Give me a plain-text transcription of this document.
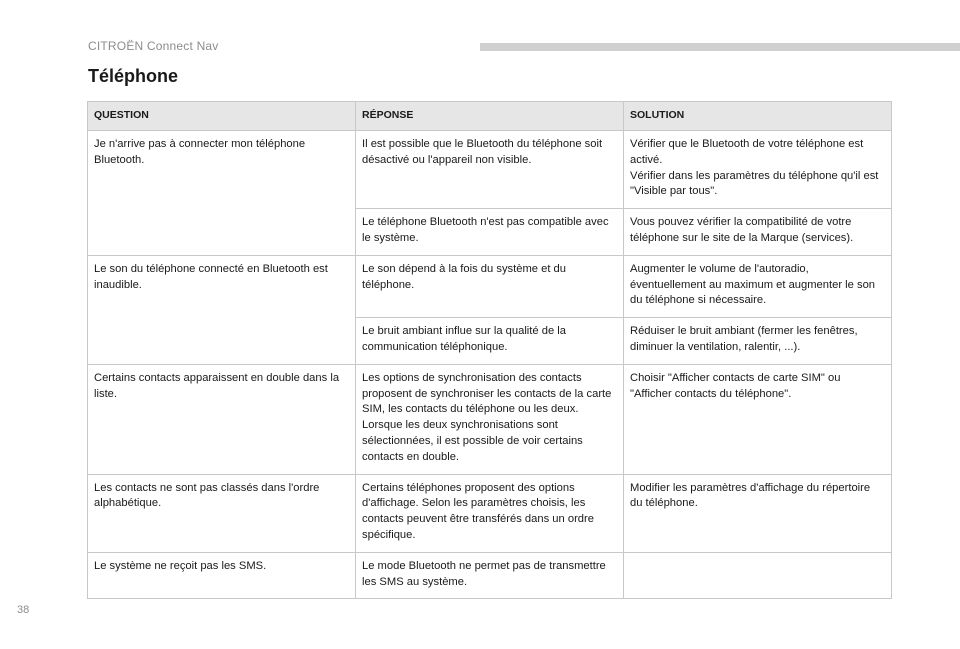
CITROËN Connect Nav
Téléphone
QUESTION	RÉPONSE	SOLUTION
Je n'arrive pas à connecter mon téléphone Bluetooth.	Il est possible que le Bluetooth du téléphone soit désactivé ou l'appareil non visible.	Vérifier que le Bluetooth de votre téléphone est activé.
Vérifier dans les paramètres du téléphone qu'il est "Visible par tous".
	Le téléphone Bluetooth n'est pas compatible avec le système.	Vous pouvez vérifier la compatibilité de votre téléphone sur le site de la Marque (services).
Le son du téléphone connecté en Bluetooth est inaudible.	Le son dépend à la fois du système et du téléphone.	Augmenter le volume de l'autoradio, éventuellement au maximum et augmenter le son du téléphone si nécessaire.
	Le bruit ambiant influe sur la qualité de la communication téléphonique.	Réduiser le bruit ambiant (fermer les fenêtres, diminuer la ventilation, ralentir, ...).
Certains contacts apparaissent en double dans la liste.	Les options de synchronisation des contacts proposent de synchroniser les contacts de la carte SIM, les contacts du téléphone ou les deux. Lorsque les deux synchronisations sont sélectionnées, il est possible de voir certains contacts en double.	Choisir "Afficher contacts de carte SIM" ou "Afficher contacts du téléphone".
Les contacts ne sont pas classés dans l'ordre alphabétique.	Certains téléphones proposent des options d'affichage. Selon les paramètres choisis, les contacts peuvent être transférés dans un ordre spécifique.	Modifier les paramètres d'affichage du répertoire du téléphone.
Le système ne reçoit pas les SMS.	Le mode Bluetooth ne permet pas de transmettre les SMS au système.	
38
